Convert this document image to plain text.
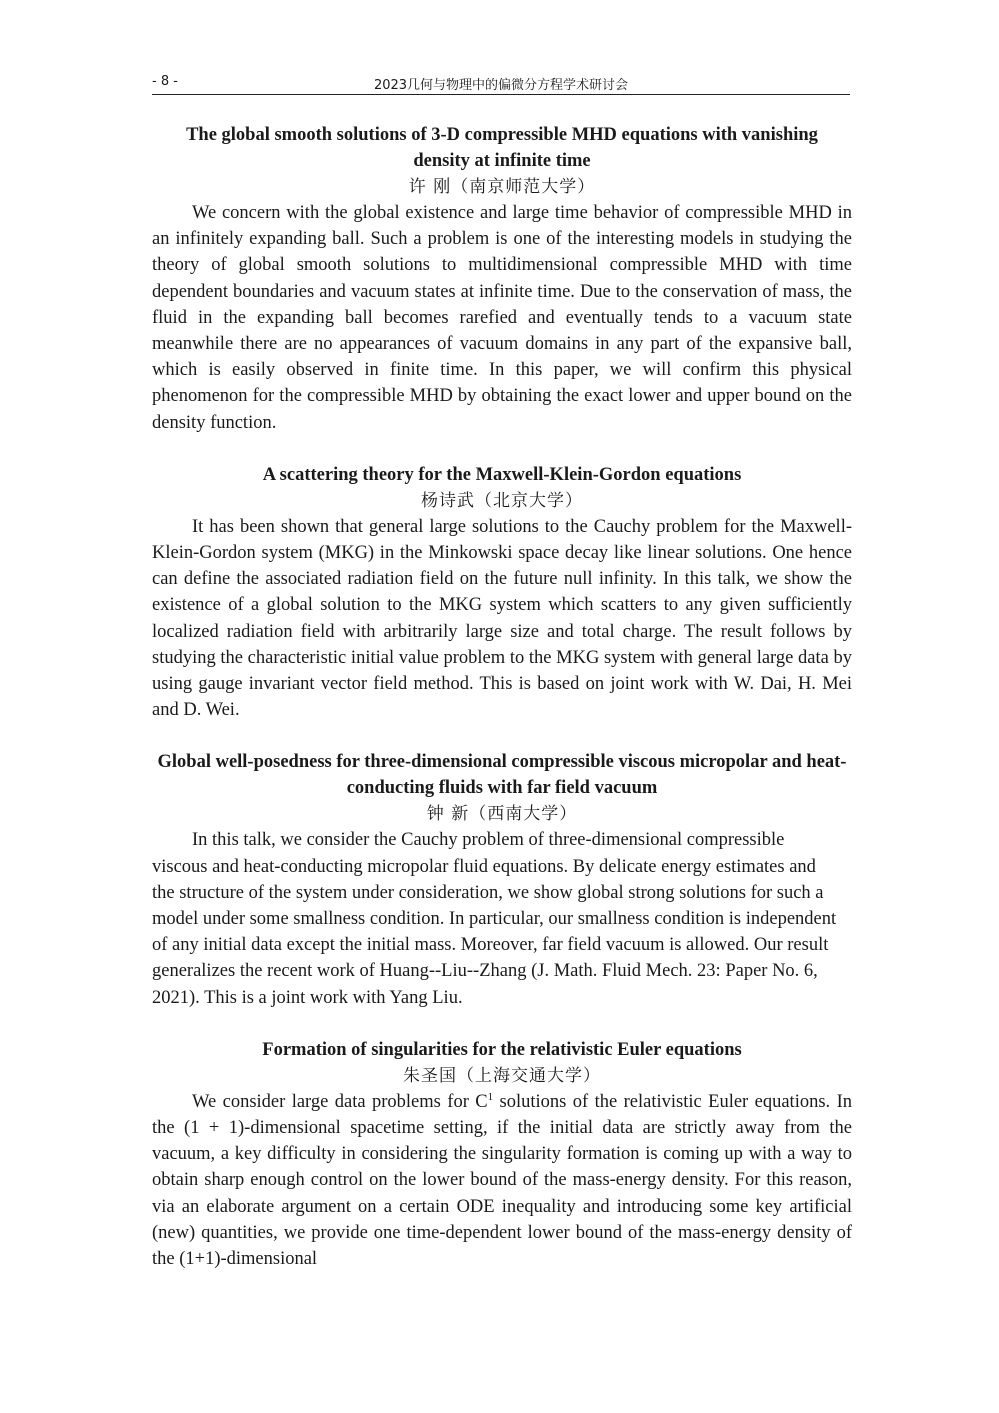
- 8 -	2023几何与物理中的偏微分方程学术研讨会

The global smooth solutions of 3-D compressible MHD equations with vanishing density at infinite time

许 刚（南京师范大学）

We concern with the global existence and large time behavior of compressible MHD in an infinitely expanding ball. Such a problem is one of the interesting models in studying the theory of global smooth solutions to multidimensional compressible MHD with time dependent boundaries and vacuum states at infinite time. Due to the conservation of mass, the fluid in the expanding ball becomes rarefied and eventually tends to a vacuum state meanwhile there are no appearances of vacuum domains in any part of the expansive ball, which is easily observed in finite time. In this paper, we will confirm this physical phenomenon for the compressible MHD by obtaining the exact lower and upper bound on the density function.

A scattering theory for the Maxwell-Klein-Gordon equations

杨诗武（北京大学）

It has been shown that general large solutions to the Cauchy problem for the Maxwell-Klein-Gordon system (MKG) in the Minkowski space decay like linear solutions. One hence can define the associated radiation field on the future null infinity. In this talk, we show the existence of a global solution to the MKG system which scatters to any given sufficiently localized radiation field with arbitrarily large size and total charge. The result follows by studying the characteristic initial value problem to the MKG system with general large data by using gauge invariant vector field method. This is based on joint work with W. Dai, H. Mei and D. Wei.

Global well-posedness for three-dimensional compressible viscous micropolar and heat-conducting fluids with far field vacuum

钟 新（西南大学）

In this talk, we consider the Cauchy problem of three-dimensional compressible viscous and heat-conducting micropolar fluid equations. By delicate energy estimates and the structure of the system under consideration, we show global strong solutions for such a model under some smallness condition. In particular, our smallness condition is independent of any initial data except the initial mass. Moreover, far field vacuum is allowed. Our result generalizes the recent work of Huang--Liu--Zhang (J. Math. Fluid Mech. 23: Paper No. 6, 2021). This is a joint work with Yang Liu.

Formation of singularities for the relativistic Euler equations

朱圣国（上海交通大学）

We consider large data problems for $C^1$ solutions of the relativistic Euler equations. In the (1 + 1)-dimensional spacetime setting, if the initial data are strictly away from the vacuum, a key difficulty in considering the singularity formation is coming up with a way to obtain sharp enough control on the lower bound of the mass-energy density. For this reason, via an elaborate argument on a certain ODE inequality and introducing some key artificial (new) quantities, we provide one time-dependent lower bound of the mass-energy density of the (1+1)-dimensional
